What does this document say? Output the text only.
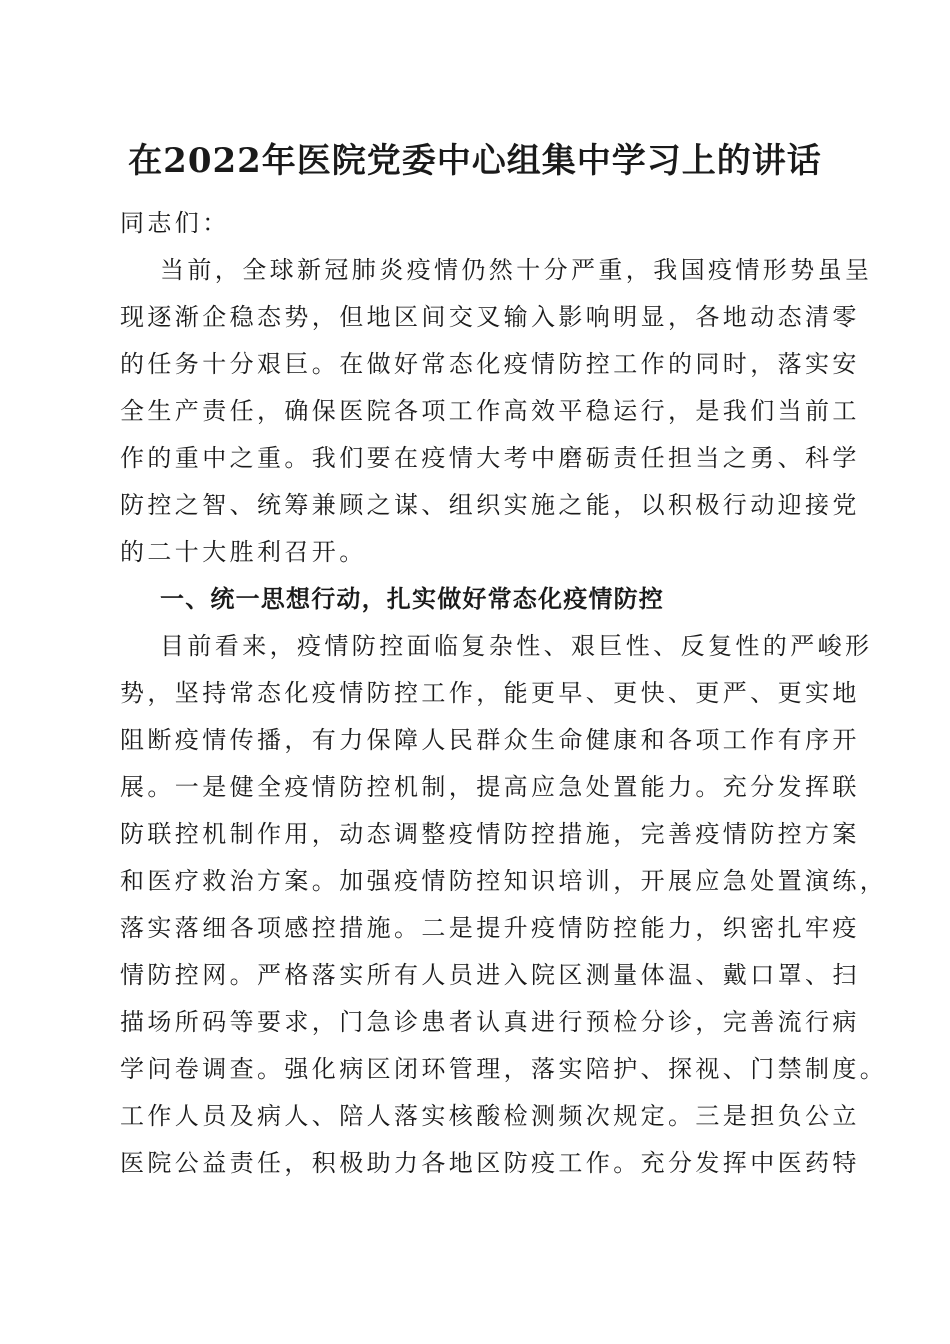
在2022年医院党委中心组集中学习上的讲话
同志们：
当前，全球新冠肺炎疫情仍然十分严重，我国疫情形势虽呈
现逐渐企稳态势，但地区间交叉输入影响明显，各地动态清零
的任务十分艰巨。在做好常态化疫情防控工作的同时，落实安
全生产责任，确保医院各项工作高效平稳运行，是我们当前工
作的重中之重。我们要在疫情大考中磨砺责任担当之勇、科学
防控之智、统筹兼顾之谋、组织实施之能，以积极行动迎接党
的二十大胜利召开。
一、统一思想行动，扎实做好常态化疫情防控
目前看来，疫情防控面临复杂性、艰巨性、反复性的严峻形
势，坚持常态化疫情防控工作，能更早、更快、更严、更实地
阻断疫情传播，有力保障人民群众生命健康和各项工作有序开
展。一是健全疫情防控机制，提高应急处置能力。充分发挥联
防联控机制作用，动态调整疫情防控措施，完善疫情防控方案
和医疗救治方案。加强疫情防控知识培训，开展应急处置演练，
落实落细各项感控措施。二是提升疫情防控能力，织密扎牢疫
情防控网。严格落实所有人员进入院区测量体温、戴口罩、扫
描场所码等要求，门急诊患者认真进行预检分诊，完善流行病
学问卷调查。强化病区闭环管理，落实陪护、探视、门禁制度。
工作人员及病人、陪人落实核酸检测频次规定。三是担负公立
医院公益责任，积极助力各地区防疫工作。充分发挥中医药特
